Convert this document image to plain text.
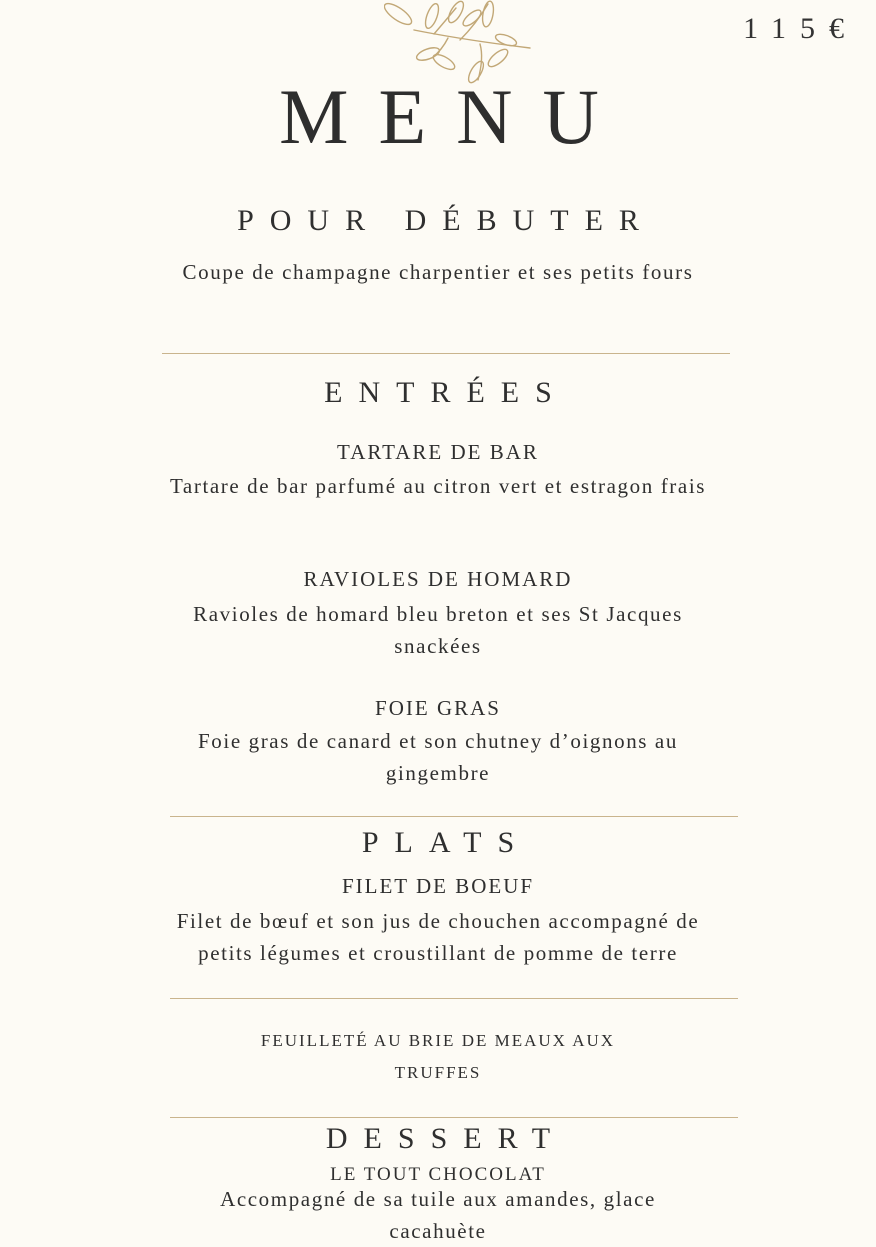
115€
MENU
POUR DÉBUTER
Coupe de champagne charpentier et ses petits fours
ENTRÉES
TARTARE DE BAR
Tartare de bar parfumé au citron vert et estragon frais
RAVIOLES DE HOMARD
Ravioles de homard bleu breton et ses St Jacques snackées
FOIE GRAS
Foie gras de canard et son chutney d’oignons au gingembre
PLATS
FILET DE BOEUF
Filet de bœuf et son jus de chouchen accompagné de petits légumes et croustillant de pomme de terre
FEUILLETÉ AU BRIE DE MEAUX AUX TRUFFES
DESSERT
LE TOUT CHOCOLAT
Accompagné de sa tuile aux amandes, glace cacahuète
